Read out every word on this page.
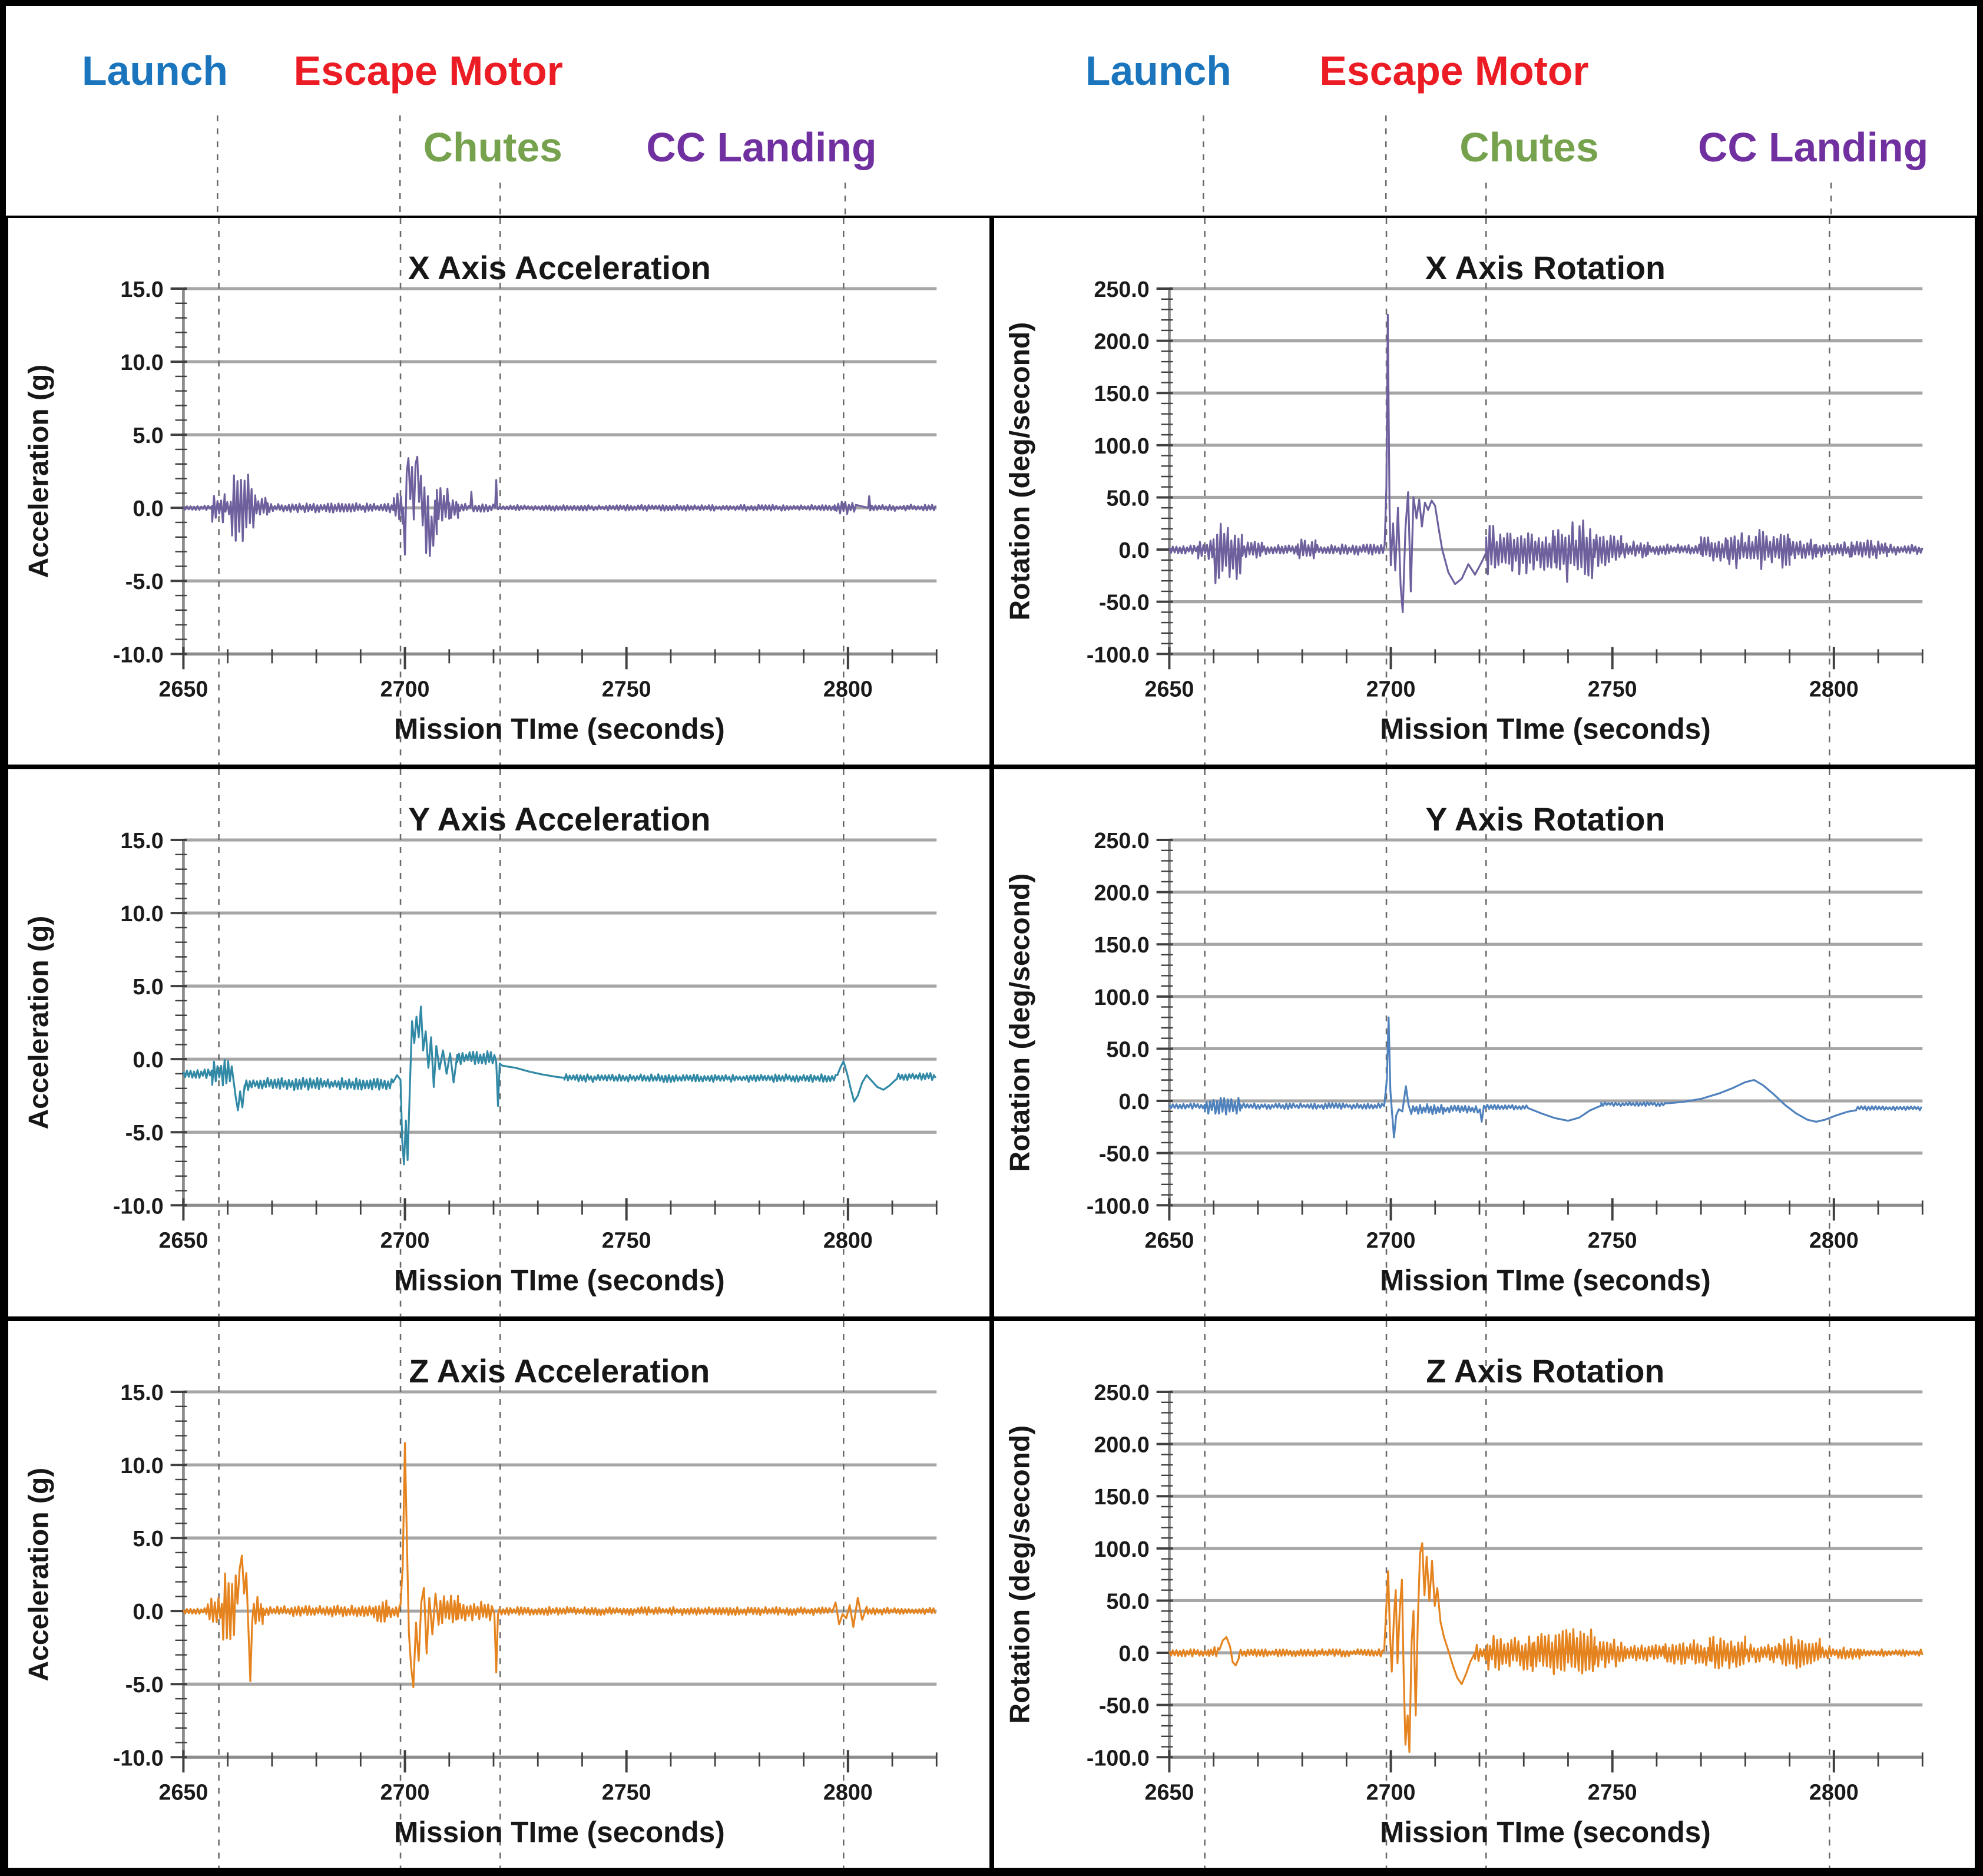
Launch	Escape Motor
Chutes	CC Landing
Launch	Escape Motor
Chutes	CC Landing
15.0
10.0
5.0
0.0
-5.0
-10.0
2650	2700	2750	2800
X Axis Acceleration
Mission TIme (seconds)
Acceleration (g)
250.0
200.0
150.0
100.0
50.0
0.0
-50.0
-100.0
2650	2700	2750	2800
X Axis Rotation
Mission TIme (seconds)
Rotation (deg/second)
15.0
10.0
5.0
0.0
-5.0
-10.0
2650	2700	2750	2800
Y Axis Acceleration
Mission TIme (seconds)
Acceleration (g)
250.0
200.0
150.0
100.0
50.0
0.0
-50.0
-100.0
2650	2700	2750	2800
Y Axis Rotation
Mission TIme (seconds)
Rotation (deg/second)
15.0
10.0
5.0
0.0
-5.0
-10.0
2650	2700	2750	2800
Z Axis Acceleration
Mission TIme (seconds)
Acceleration (g)
250.0
200.0
150.0
100.0
50.0
0.0
-50.0
-100.0
2650	2700	2750	2800
Z Axis Rotation
Mission TIme (seconds)
Rotation (deg/second)
